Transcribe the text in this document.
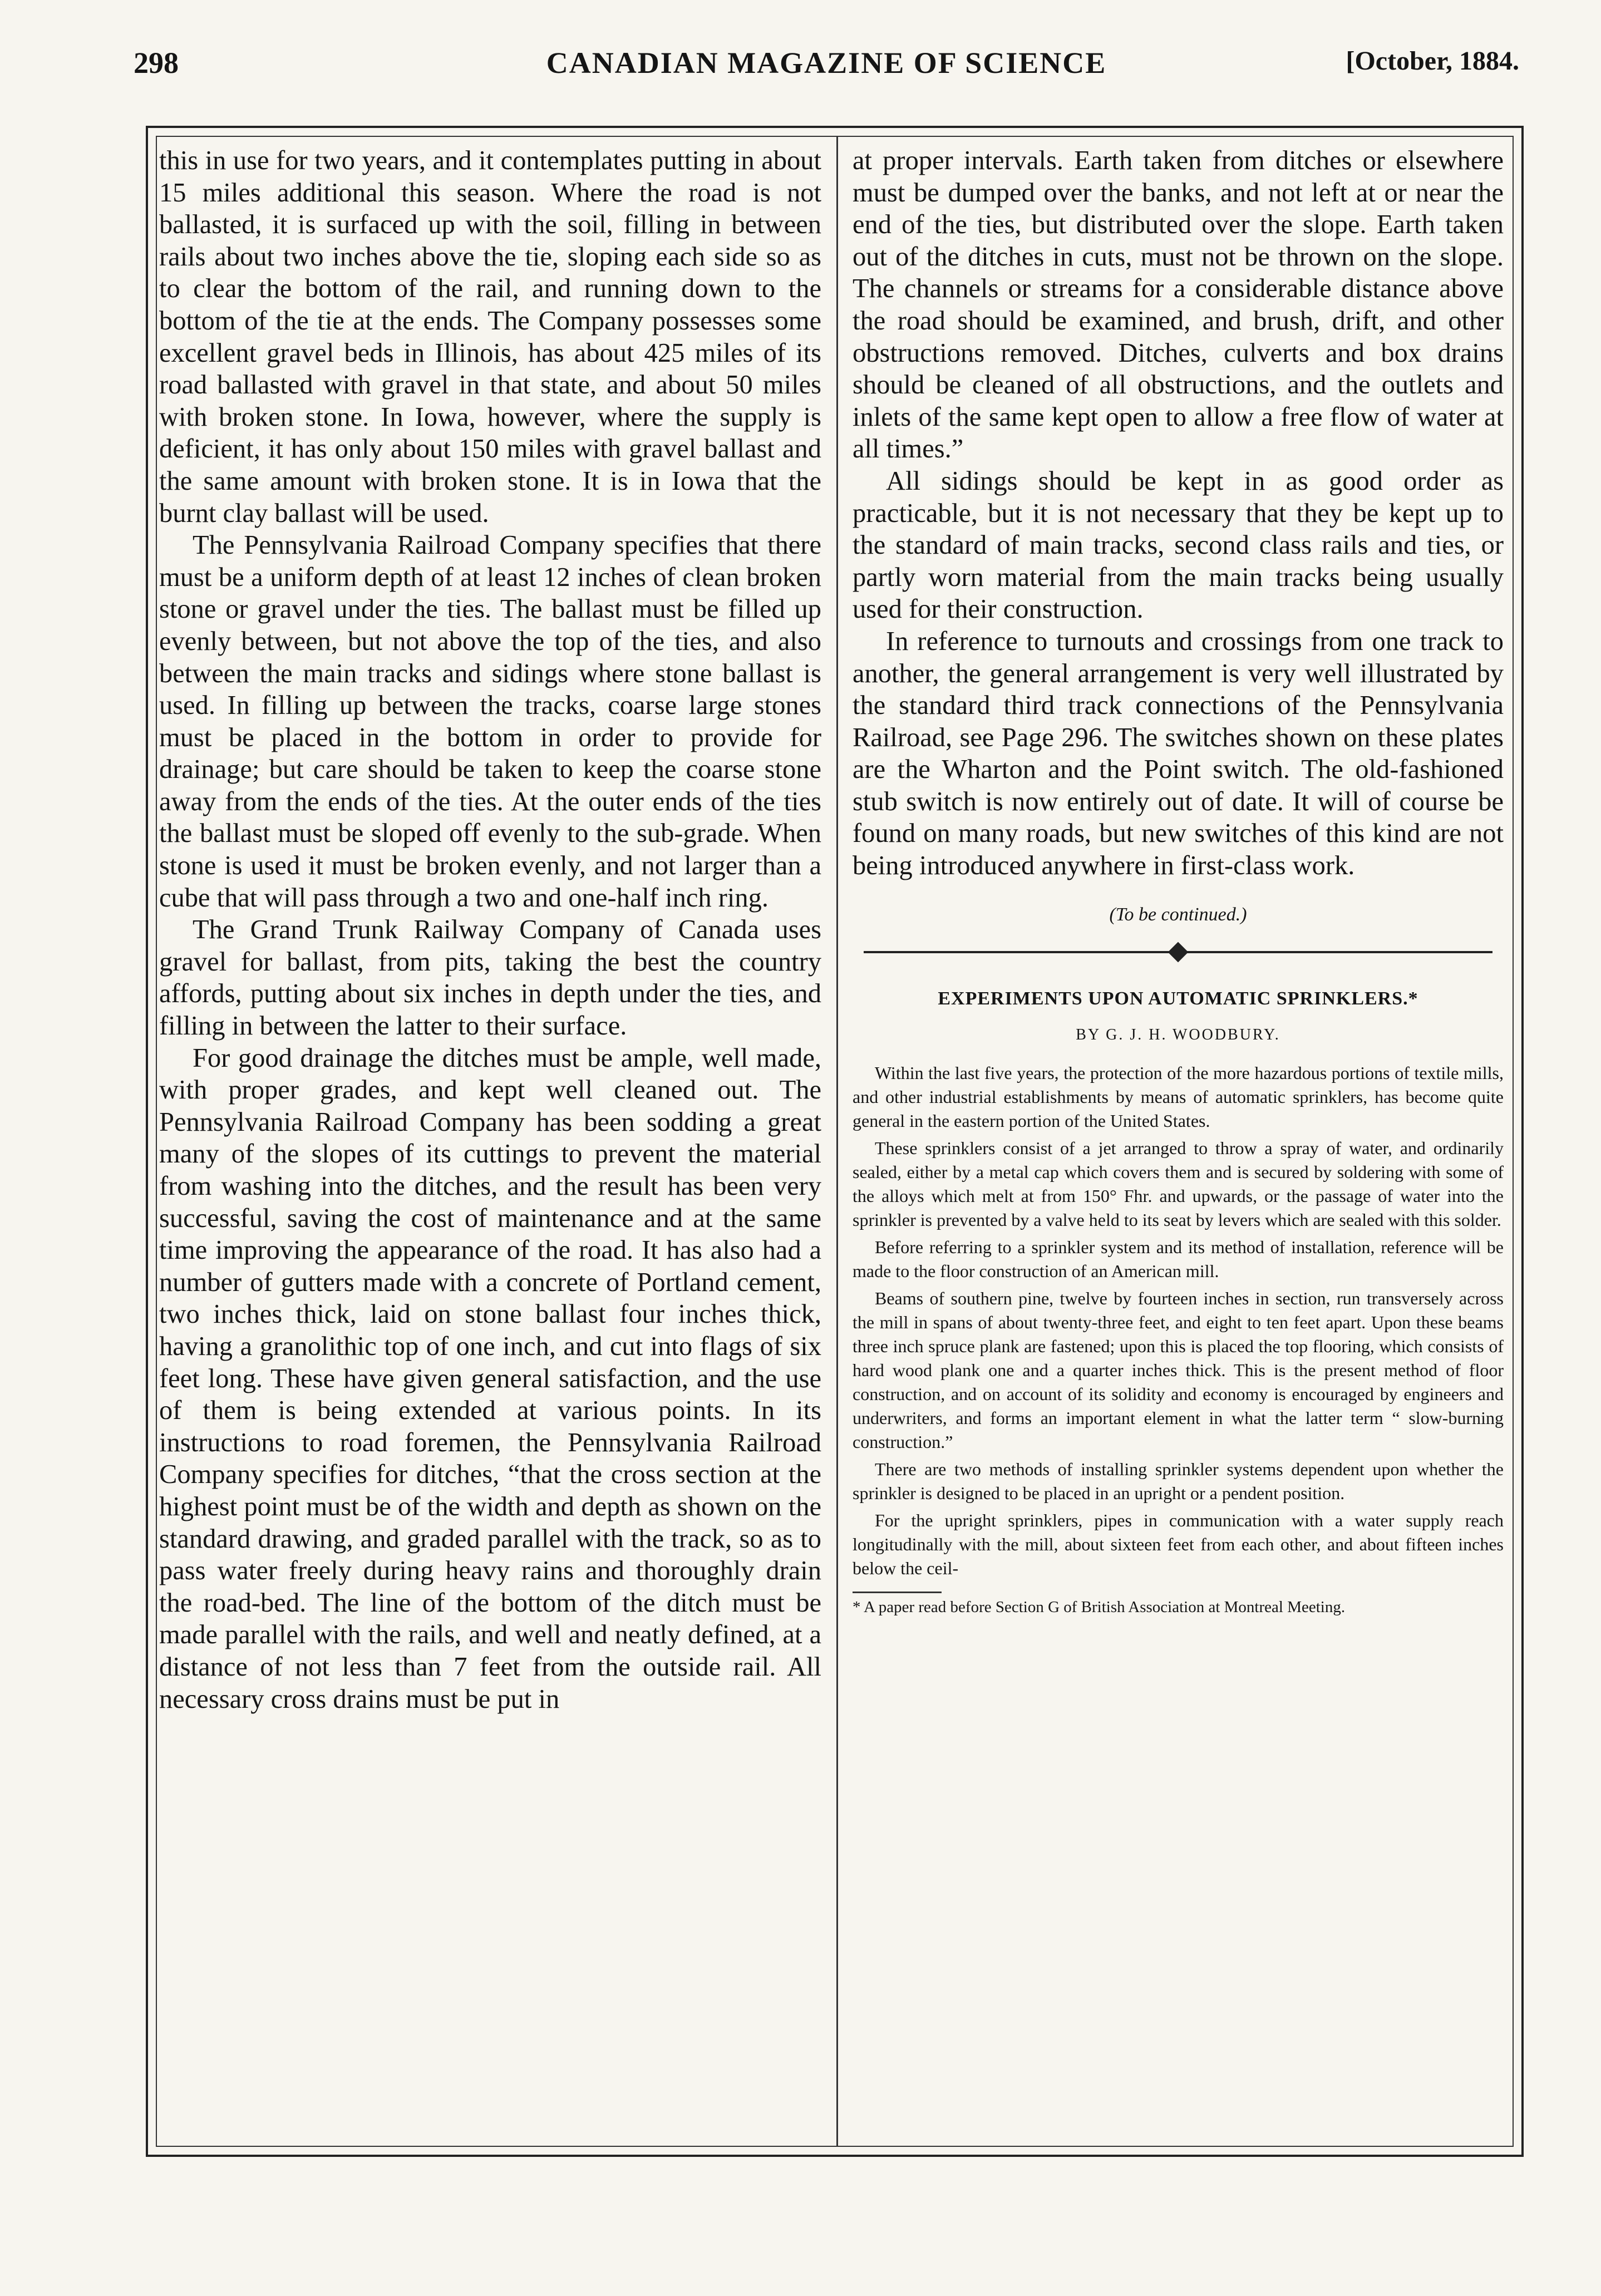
298	CANADIAN MAGAZINE OF SCIENCE	[October, 1884.

this in use for two years, and it contemplates putting in about 15 miles additional this season. Where the road is not ballasted, it is surfaced up with the soil, filling in between rails about two inches above the tie, sloping each side so as to clear the bottom of the rail, and running down to the bottom of the tie at the ends. The Company possesses some excellent gravel beds in Illinois, has about 425 miles of its road ballasted with gravel in that state, and about 50 miles with broken stone. In Iowa, however, where the supply is deficient, it has only about 150 miles with gravel ballast and the same amount with broken stone. It is in Iowa that the burnt clay ballast will be used.

The Pennsylvania Railroad Company specifies that there must be a uniform depth of at least 12 inches of clean broken stone or gravel under the ties. The ballast must be filled up evenly between, but not above the top of the ties, and also between the main tracks and sidings where stone ballast is used. In filling up between the tracks, coarse large stones must be placed in the bottom in order to provide for drainage; but care should be taken to keep the coarse stone away from the ends of the ties. At the outer ends of the ties the ballast must be sloped off evenly to the sub-grade. When stone is used it must be broken evenly, and not larger than a cube that will pass through a two and one-half inch ring.

The Grand Trunk Railway Company of Canada uses gravel for ballast, from pits, taking the best the country affords, putting about six inches in depth under the ties, and filling in between the latter to their surface.

For good drainage the ditches must be ample, well made, with proper grades, and kept well cleaned out. The Pennsylvania Railroad Company has been sodding a great many of the slopes of its cuttings to prevent the material from washing into the ditches, and the result has been very successful, saving the cost of maintenance and at the same time improving the appearance of the road. It has also had a number of gutters made with a concrete of Portland cement, two inches thick, laid on stone ballast four inches thick, having a granolithic top of one inch, and cut into flags of six feet long. These have given general satisfaction, and the use of them is being extended at various points. In its instructions to road foremen, the Pennsylvania Railroad Company specifies for ditches, “that the cross section at the highest point must be of the width and depth as shown on the standard drawing, and graded parallel with the track, so as to pass water freely during heavy rains and thoroughly drain the road-bed. The line of the bottom of the ditch must be made parallel with the rails, and well and neatly defined, at a distance of not less than 7 feet from the outside rail. All necessary cross drains must be put in

at proper intervals. Earth taken from ditches or elsewhere must be dumped over the banks, and not left at or near the end of the ties, but distributed over the slope. Earth taken out of the ditches in cuts, must not be thrown on the slope. The channels or streams for a considerable distance above the road should be examined, and brush, drift, and other obstructions removed. Ditches, culverts and box drains should be cleaned of all obstructions, and the outlets and inlets of the same kept open to allow a free flow of water at all times.”

All sidings should be kept in as good order as practicable, but it is not necessary that they be kept up to the standard of main tracks, second class rails and ties, or partly worn material from the main tracks being usually used for their construction.

In reference to turnouts and crossings from one track to another, the general arrangement is very well illustrated by the standard third track connections of the Pennsylvania Railroad, see Page 296. The switches shown on these plates are the Wharton and the Point switch. The old-fashioned stub switch is now entirely out of date. It will of course be found on many roads, but new switches of this kind are not being introduced anywhere in first-class work.

(To be continued.)
EXPERIMENTS UPON AUTOMATIC SPRINKLERS.*
BY G. J. H. WOODBURY.

Within the last five years, the protection of the more hazardous portions of textile mills, and other industrial establishments by means of automatic sprinklers, has become quite general in the eastern portion of the United States.

These sprinklers consist of a jet arranged to throw a spray of water, and ordinarily sealed, either by a metal cap which covers them and is secured by soldering with some of the alloys which melt at from 150° Fhr. and upwards, or the passage of water into the sprinkler is prevented by a valve held to its seat by levers which are sealed with this solder.

Before referring to a sprinkler system and its method of installation, reference will be made to the floor construction of an American mill.

Beams of southern pine, twelve by fourteen inches in section, run transversely across the mill in spans of about twenty-three feet, and eight to ten feet apart. Upon these beams three inch spruce plank are fastened; upon this is placed the top flooring, which consists of hard wood plank one and a quarter inches thick. This is the present method of floor construction, and on account of its solidity and economy is encouraged by engineers and underwriters, and forms an important element in what the latter term “ slow-burning construction.”

There are two methods of installing sprinkler systems dependent upon whether the sprinkler is designed to be placed in an upright or a pendent position.

For the upright sprinklers, pipes in communication with a water supply reach longitudinally with the mill, about sixteen feet from each other, and about fifteen inches below the ceil-

* A paper read before Section G of British Association at Montreal Meeting.
